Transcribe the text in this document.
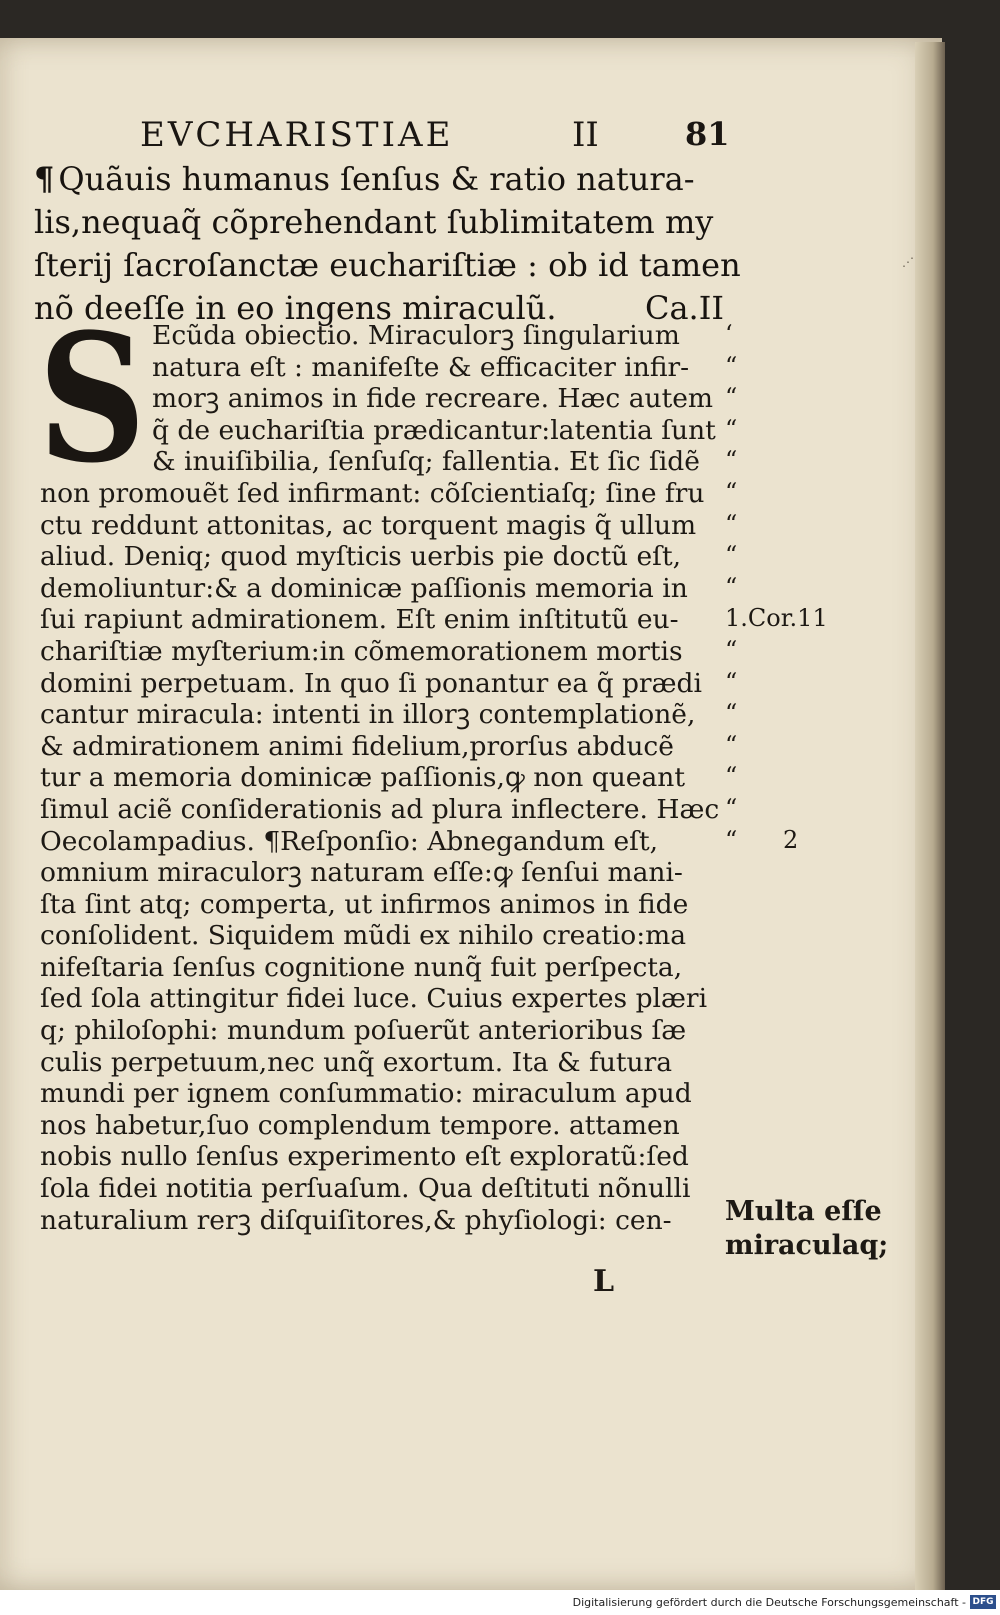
⋰
EVCHARISTIAE	II	81
¶ Quãuis humanus ſenſus & ratio natura-
lis,nequaq̃ cõprehendant ſublimitatem my
ſterij ſacroſanctæ euchariſtiæ : ob id tamen
nõ deeſſe in eo ingens miraculũ.	Ca.II
S Ecũda obiectio. Miraculorꝫ ſingularium
natura eſt : manifeſte & efficaciter infir-
morꝫ animos in fide recreare. Hæc autem
q̃ de euchariſtia prædicantur:latentia ſunt
& inuiſibilia, ſenſuſq; fallentia. Et ſic ſidẽ
non promouẽt ſed infirmant: cõſcientiaſq; ſine fru
ctu reddunt attonitas, ac torquent magis q̃ ullum
aliud. Deniq; quod myſticis uerbis pie doctũ eſt,
demoliuntur:& a dominicæ paſſionis memoria in
ſui rapiunt admirationem. Eſt enim inſtitutũ eu-
chariſtiæ myſterium:in cõmemorationem mortis
domini perpetuam. In quo ſi ponantur ea q̃ prædi
cantur miracula: intenti in illorꝫ contemplationẽ,
& admirationem animi fidelium,prorſus abducẽ
tur a memoria dominicæ paſſionis,ꝙ non queant
ſimul aciẽ conſiderationis ad plura inflectere. Hæc
Oecolampadius. ¶Reſponſio: Abnegandum eſt,
omnium miraculorꝫ naturam eſſe:ꝙ ſenſui mani-
ſta ſint atq; comperta, ut infirmos animos in fide
conſolident. Siquidem mũdi ex nihilo creatio:ma
nifeſtaria ſenſus cognitione nunq̃ fuit perſpecta,
ſed ſola attingitur fidei luce. Cuius expertes plæri
q; philoſophi: mundum poſuerũt anterioribus ſæ
culis perpetuum,nec unq̃ exortum. Ita & futura
mundi per ignem conſummatio: miraculum apud
nos habetur,ſuo complendum tempore. attamen
nobis nullo ſenſus experimento eſt exploratũ:ſed
ſola fidei notitia perſuaſum. Qua deſtituti nõnulli
naturalium rerꝫ diſquiſitores,& phyſiologi: cen-
L
‘
“
“
“
“
“
“
“
“
1.Cor.11
“
“
“
“
“
“
“      2
Multa eſſe
miraculaq;
Digitalisierung gefördert durch die Deutsche Forschungsgemeinschaft - DFG
